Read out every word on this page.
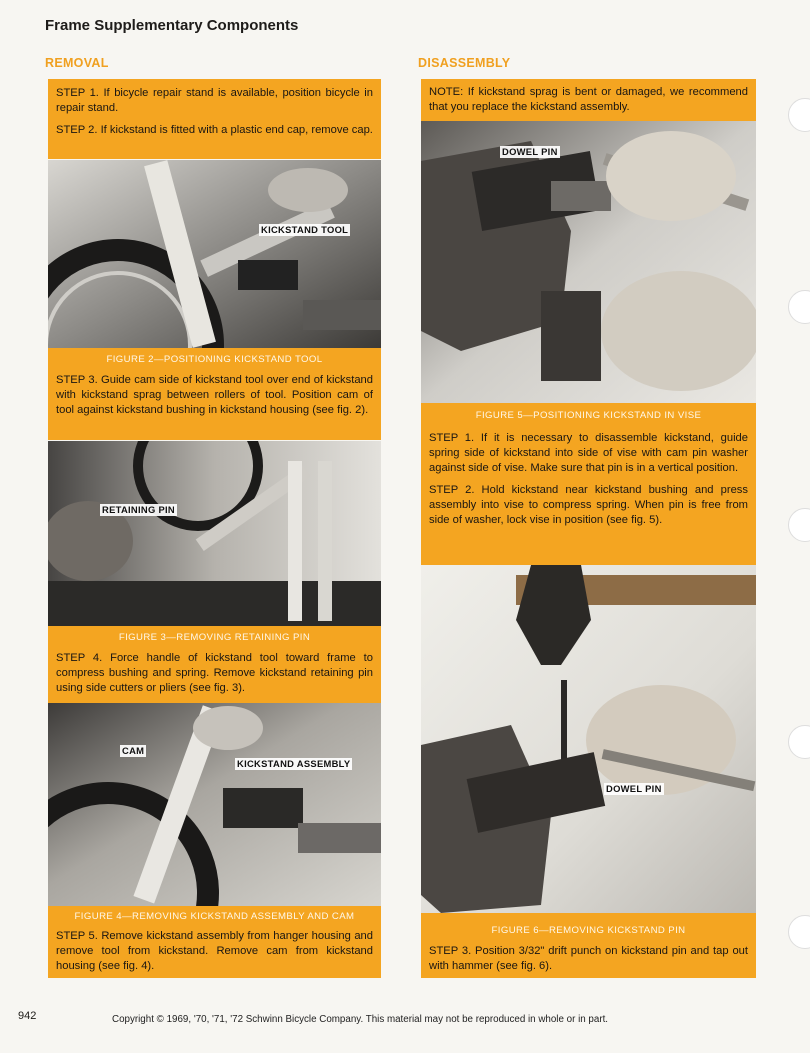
Frame Supplementary Components
REMOVAL	DISASSEMBLY

STEP 1. If bicycle repair stand is available, position bicycle in repair stand.

STEP 2. If kickstand is fitted with a plastic end cap, remove cap.

KICKSTAND TOOL
FIGURE 2—POSITIONING KICKSTAND TOOL

STEP 3. Guide cam side of kickstand tool over end of kickstand with kickstand sprag between rollers of tool. Position cam of tool against kickstand bushing in kickstand housing (see fig. 2).

RETAINING PIN
FIGURE 3—REMOVING RETAINING PIN

STEP 4. Force handle of kickstand tool toward frame to compress bushing and spring. Remove kickstand retaining pin using side cutters or pliers (see fig. 3).

CAM
KICKSTAND ASSEMBLY
FIGURE 4—REMOVING KICKSTAND ASSEMBLY AND CAM

STEP 5. Remove kickstand assembly from hanger housing and remove tool from kickstand. Remove cam from kickstand housing (see fig. 4).

NOTE: If kickstand sprag is bent or damaged, we recommend that you replace the kickstand assembly.

DOWEL PIN
FIGURE 5—POSITIONING KICKSTAND IN VISE

STEP 1. If it is necessary to disassemble kickstand, guide spring side of kickstand into side of vise with cam pin washer against side of vise. Make sure that pin is in a vertical position.

STEP 2. Hold kickstand near kickstand bushing and press assembly into vise to compress spring. When pin is free from side of washer, lock vise in position (see fig. 5).

DOWEL PIN
FIGURE 6—REMOVING KICKSTAND PIN

STEP 3. Position 3/32" drift punch on kickstand pin and tap out with hammer (see fig. 6).

942	Copyright © 1969, '70, '71, '72 Schwinn Bicycle Company. This material may not be reproduced in whole or in part.
